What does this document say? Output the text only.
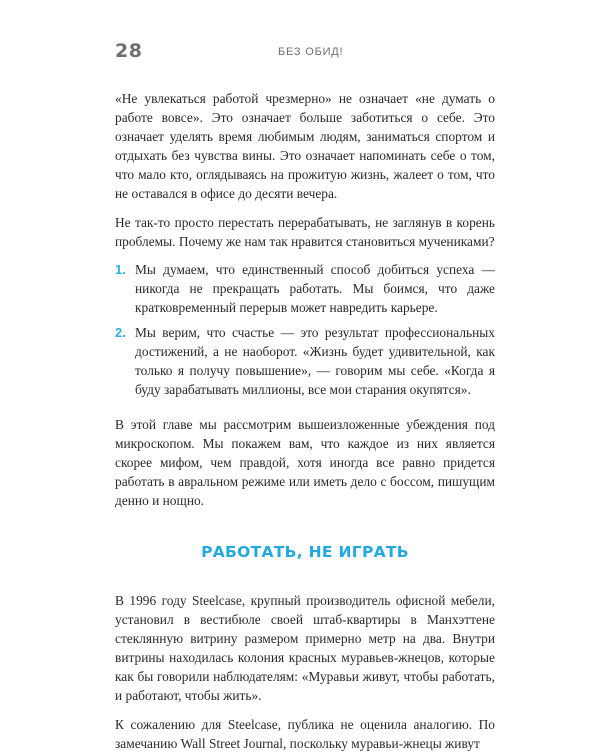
28	БЕЗ ОБИД!

«Не увлекаться работой чрезмерно» не означает «не думать о работе вовсе». Это означает больше заботиться о себе. Это означает уделять время любимым людям, заниматься спортом и отдыхать без чувства вины. Это означает напоминать себе о том, что мало кто, оглядываясь на прожитую жизнь, жалеет о том, что не оставался в офисе до десяти вечера.

Не так-то просто перестать перерабатывать, не заглянув в корень проблемы. Почему же нам так нравится становиться мучениками?

1. Мы думаем, что единственный способ добиться успеха — никогда не прекращать работать. Мы боимся, что даже кратковременный перерыв может навредить карьере.
2. Мы верим, что счастье — это результат профессиональных достижений, а не наоборот. «Жизнь будет удивительной, как только я получу повышение», — говорим мы себе. «Когда я буду зарабатывать миллионы, все мои старания окупятся».

В этой главе мы рассмотрим вышеизложенные убеждения под микроскопом. Мы покажем вам, что каждое из них является скорее мифом, чем правдой, хотя иногда все равно придется работать в авральном режиме или иметь дело с боссом, пишущим денно и нощно.

РАБОТАТЬ, НЕ ИГРАТЬ

В 1996 году Steelcase, крупный производитель офисной мебели, установил в вестибюле своей штаб-квартиры в Манхэттене стеклянную витрину размером примерно метр на два. Внутри витрины находилась колония красных муравьев-жнецов, которые как бы говорили наблюдателям: «Муравьи живут, чтобы работать, и работают, чтобы жить».

К сожалению для Steelcase, публика не оценила аналогию. По замечанию Wall Street Journal, поскольку муравьи-жнецы живут
